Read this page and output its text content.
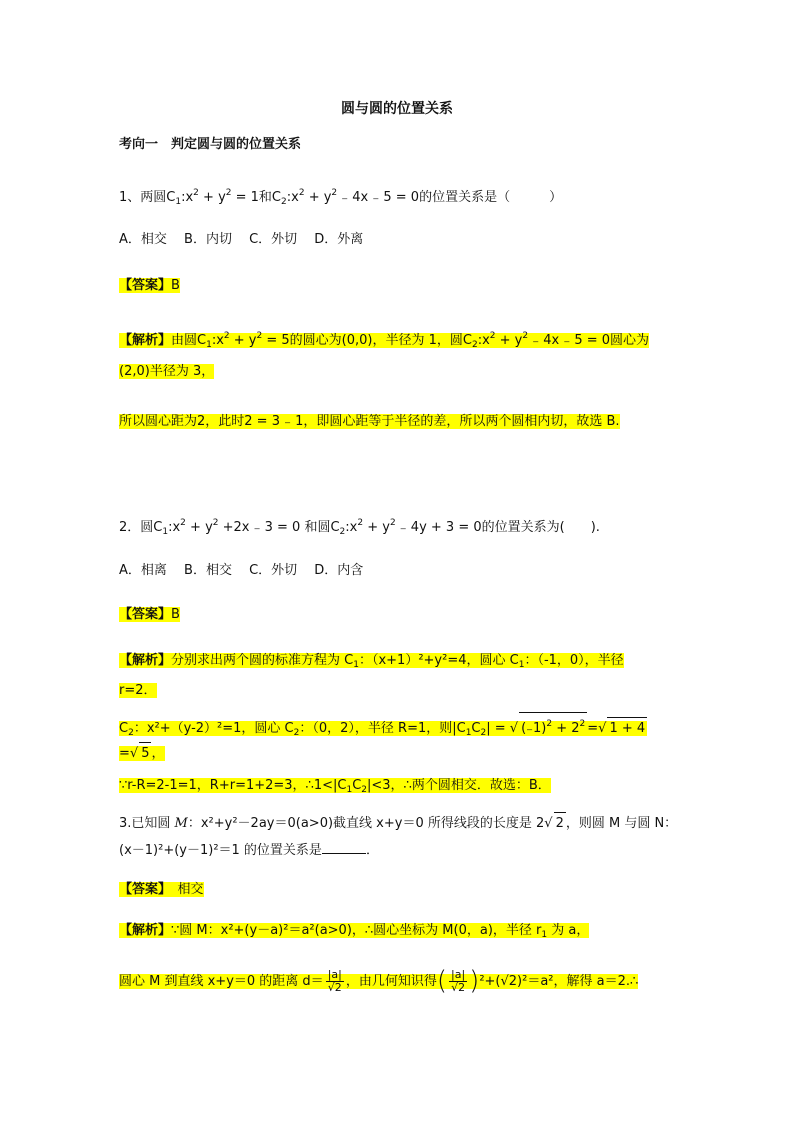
圆与圆的位置关系
考向一　判定圆与圆的位置关系
1、两圆$C_1:x^2 + y^2 = 1$和$C_2:x^2 + y^2$ ₋ 4x ₋ 5 = 0的位置关系是（　　　）
A．相交　 B．内切　 C．外切　 D．外离
【答案】B
【解析】由圆$C_1:x^2 + y^2 = 5$的圆心为(0,0)，半径为 1，圆$C_2:x^2 + y^2$ ₋ 4x ₋ 5 = 0圆心为
(2,0)半径为 3，
所以圆心距为2，此时2 = 3 ₋ 1，即圆心距等于半径的差，所以两个圆相内切，故选 B.
2．圆$C_1:x^2 + y^2 +2x$ ₋ 3 = 0 和圆$C_2:x^2 + y^2$ ₋ 4y + 3 = 0的位置关系为(　　).
A．相离　 B．相交　 C．外切　 D．内含
【答案】B
【解析】分别求出两个圆的标准方程为 $C_1$：（x+1）²+y²=4，圆心 $C_1$：（-1，0），半径
r=2．
$C_2$：x²+（y-2）²=1，圆心 $C_2$：（0，2），半径 R=1，则$|C_1C_2|$ = √ $(_-1)^2 + 2^2$ =√ 1 + 4
=√ 5 ，
∵r-R=2-1=1，R+r=1+2=3，$\therefore 1<|C_1C_2|<3$，∴两个圆相交．故选：B．
3.已知圆 M：x²+y²－2ay＝0(a>0)截直线 x+y＝0 所得线段的长度是 2√ 2 ，则圆 M 与圆 N：
(x－1)²+(y－1)²＝1 的位置关系是	．
【答案】　相交
【解析】∵圆 M：x²+(y－a)²＝a²(a>0)，∴圆心坐标为 M(0，a)，半径 $r_1$ 为 a，
圆心 M 到直线 x+y＝0 的距离 $d= \frac{|a|}{√2}$ ，由几何知识得( $\frac{|a|}{√2} )^2+(√2)^2=a^2$，解得 a＝2.∴
